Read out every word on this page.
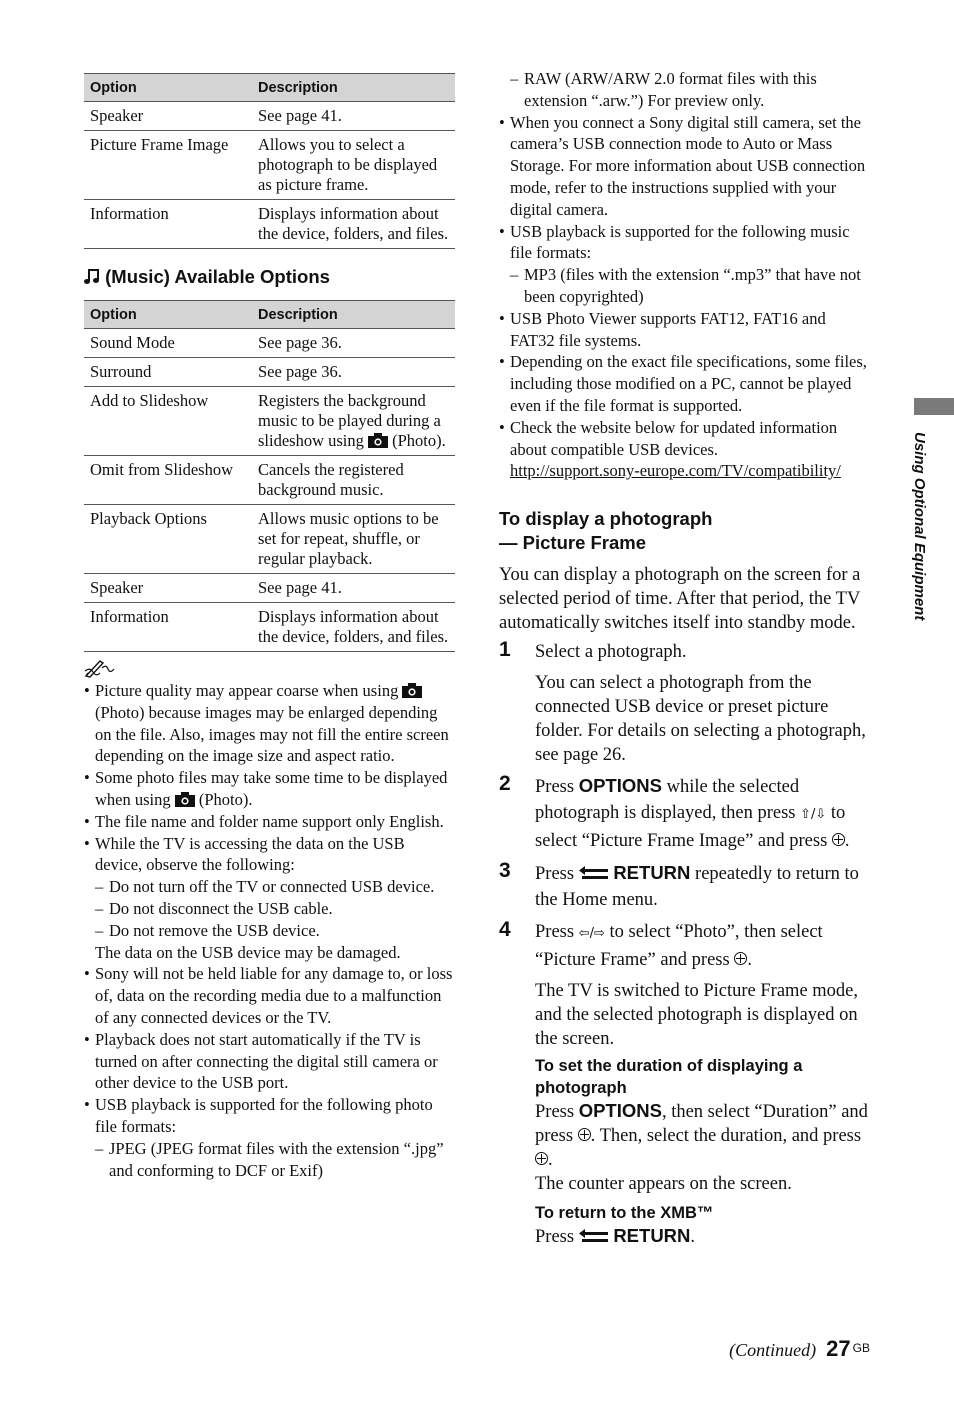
Option	Description
Speaker	See page 41.
Picture Frame Image	Allows you to select a photograph to be displayed as picture frame.
Information	Displays information about the device, folders, and files.
(Music) Available Options
Option	Description
Sound Mode	See page 36.
Surround	See page 36.
Add to Slideshow	Registers the background music to be played during a slideshow using  (Photo).
Omit from Slideshow	Cancels the registered background music.
Playback Options	Allows music options to be set for repeat, shuffle, or regular playback.
Speaker	See page 41.
Information	Displays information about the device, folders, and files.
• Picture quality may appear coarse when using  (Photo) because images may be enlarged depending on the file. Also, images may not fill the entire screen depending on the image size and aspect ratio.
• Some photo files may take some time to be displayed when using  (Photo).
• The file name and folder name support only English.
• While the TV is accessing the data on the USB device, observe the following:
– Do not turn off the TV or connected USB device.
– Do not disconnect the USB cable.
– Do not remove the USB device.
The data on the USB device may be damaged.
• Sony will not be held liable for any damage to, or loss of, data on the recording media due to a malfunction of any connected devices or the TV.
• Playback does not start automatically if the TV is turned on after connecting the digital still camera or other device to the USB port.
• USB playback is supported for the following photo file formats:
– JPEG (JPEG format files with the extension “.jpg” and conforming to DCF or Exif)
– RAW (ARW/ARW 2.0 format files with this extension “.arw.”) For preview only.
• When you connect a Sony digital still camera, set the camera’s USB connection mode to Auto or Mass Storage. For more information about USB connection mode, refer to the instructions supplied with your digital camera.
• USB playback is supported for the following music file formats:
– MP3 (files with the extension “.mp3” that have not been copyrighted)
• USB Photo Viewer supports FAT12, FAT16 and FAT32 file systems.
• Depending on the exact file specifications, some files, including those modified on a PC, cannot be played even if the file format is supported.
• Check the website below for updated information about compatible USB devices.
http://support.sony-europe.com/TV/compatibility/
To display a photograph
— Picture Frame
You can display a photograph on the screen for a selected period of time. After that period, the TV automatically switches itself into standby mode.
1 Select a photograph.
You can select a photograph from the connected USB device or preset picture folder. For details on selecting a photograph, see page 26.
2 Press OPTIONS while the selected photograph is displayed, then press ⇧/⇩ to select “Picture Frame Image” and press .
3 Press  RETURN repeatedly to return to the Home menu.
4 Press ⇦/⇨ to select “Photo”, then select “Picture Frame” and press .
The TV is switched to Picture Frame mode, and the selected photograph is displayed on the screen.
To set the duration of displaying a photograph
Press OPTIONS, then select “Duration” and press . Then, select the duration, and press .
The counter appears on the screen.
To return to the XMB™
Press  RETURN.
Using Optional Equipment
(Continued) 27 $^{GB}$
